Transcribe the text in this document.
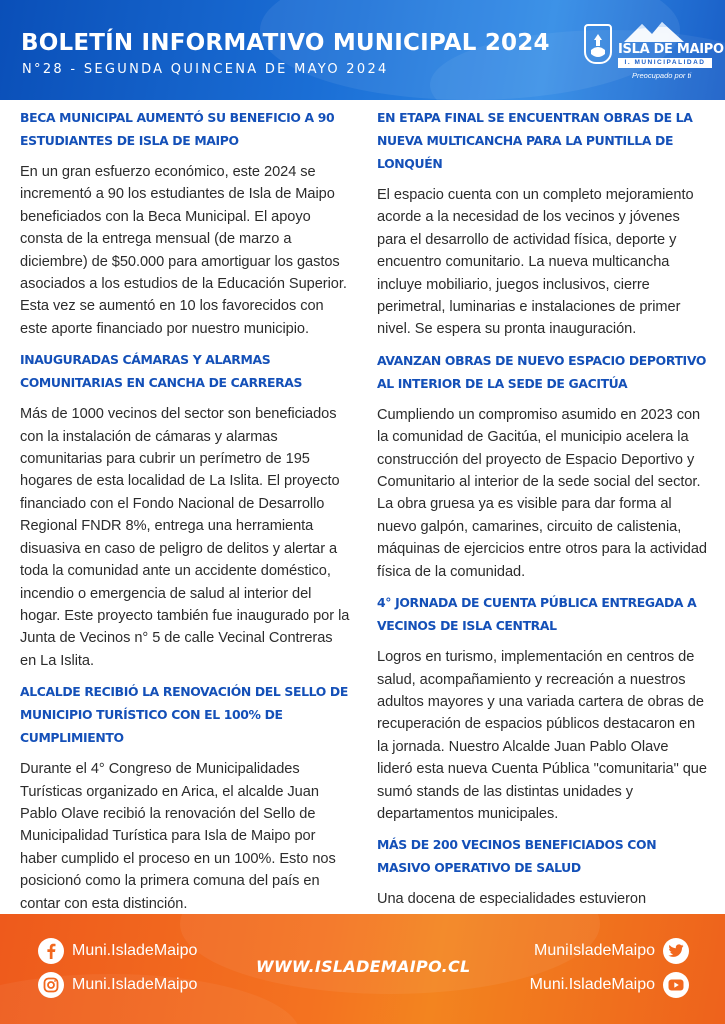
BOLETÍN INFORMATIVO MUNICIPAL 2024
N°28 - SEGUNDA QUINCENA DE MAYO 2024
ISLA DE MAIPO
I. MUNICIPALIDAD
Preocupado por ti
BECA MUNICIPAL AUMENTÓ SU BENEFICIO A 90 ESTUDIANTES DE ISLA DE MAIPO
En un gran esfuerzo económico, este 2024 se incrementó a 90 los estudiantes de Isla de Maipo beneficiados con la Beca Municipal. El apoyo consta de la entrega mensual (de marzo a diciembre) de $50.000 para amortiguar los gastos asociados a los estudios de la Educación Superior. Esta vez se aumentó en 10 los favorecidos con este aporte financiado por nuestro municipio.
INAUGURADAS CÁMARAS Y ALARMAS COMUNITARIAS EN CANCHA DE CARRERAS
Más de 1000 vecinos del sector son beneficiados con la instalación de cámaras y alarmas comunitarias para cubrir un perímetro de 195 hogares de esta localidad de La Islita. El proyecto financiado con el Fondo Nacional de Desarrollo Regional FNDR 8%, entrega una herramienta disuasiva en caso de peligro de delitos y alertar a toda la comunidad ante un accidente doméstico, incendio o emergencia de salud al interior del hogar. Este proyecto también fue inaugurado por la Junta de Vecinos n° 5 de calle Vecinal Contreras en La Islita.
ALCALDE RECIBIÓ LA RENOVACIÓN DEL SELLO DE MUNICIPIO TURÍSTICO CON EL 100% DE CUMPLIMIENTO
Durante el 4° Congreso de Municipalidades Turísticas organizado en Arica, el alcalde Juan Pablo Olave recibió la renovación del Sello de Municipalidad Turística para Isla de Maipo por haber cumplido el proceso en un 100%. Esto nos posicionó como la primera comuna del país en contar con esta distinción.
EN ETAPA FINAL SE ENCUENTRAN OBRAS DE LA NUEVA MULTICANCHA PARA LA PUNTILLA DE LONQUÉN
El espacio cuenta con un completo mejoramiento acorde a la necesidad de los vecinos y jóvenes para el desarrollo de actividad física, deporte y encuentro comunitario. La nueva multicancha incluye mobiliario, juegos inclusivos, cierre perimetral, luminarias e instalaciones de primer nivel. Se espera su pronta inauguración.
AVANZAN OBRAS DE NUEVO ESPACIO DEPORTIVO AL INTERIOR DE LA SEDE DE GACITÚA
Cumpliendo un compromiso asumido en 2023 con la comunidad de Gacitúa, el municipio acelera la construcción del proyecto de Espacio Deportivo y Comunitario al interior de la sede social del sector. La obra gruesa ya es visible para dar forma al nuevo galpón, camarines, circuito de calistenia, máquinas de ejercicios entre otros para la actividad física de la comunidad.
4° JORNADA DE CUENTA PÚBLICA ENTREGADA A VECINOS DE ISLA CENTRAL
Logros en turismo, implementación en centros de salud, acompañamiento y recreación a nuestros adultos mayores y una variada cartera de obras de recuperación de espacios públicos destacaron en la jornada. Nuestro Alcalde Juan Pablo Olave lideró esta nueva Cuenta Pública "comunitaria" que sumó stands de las distintas unidades y departamentos municipales.
MÁS DE 200 VECINOS BENEFICIADOS CON MASIVO OPERATIVO DE SALUD
Una docena de especialidades estuvieron
Muni.IsladeMaipo
Muni.IsladeMaipo
WWW.ISLADEMAIPO.CL
MuniIsladeMaipo
Muni.IsladeMaipo
